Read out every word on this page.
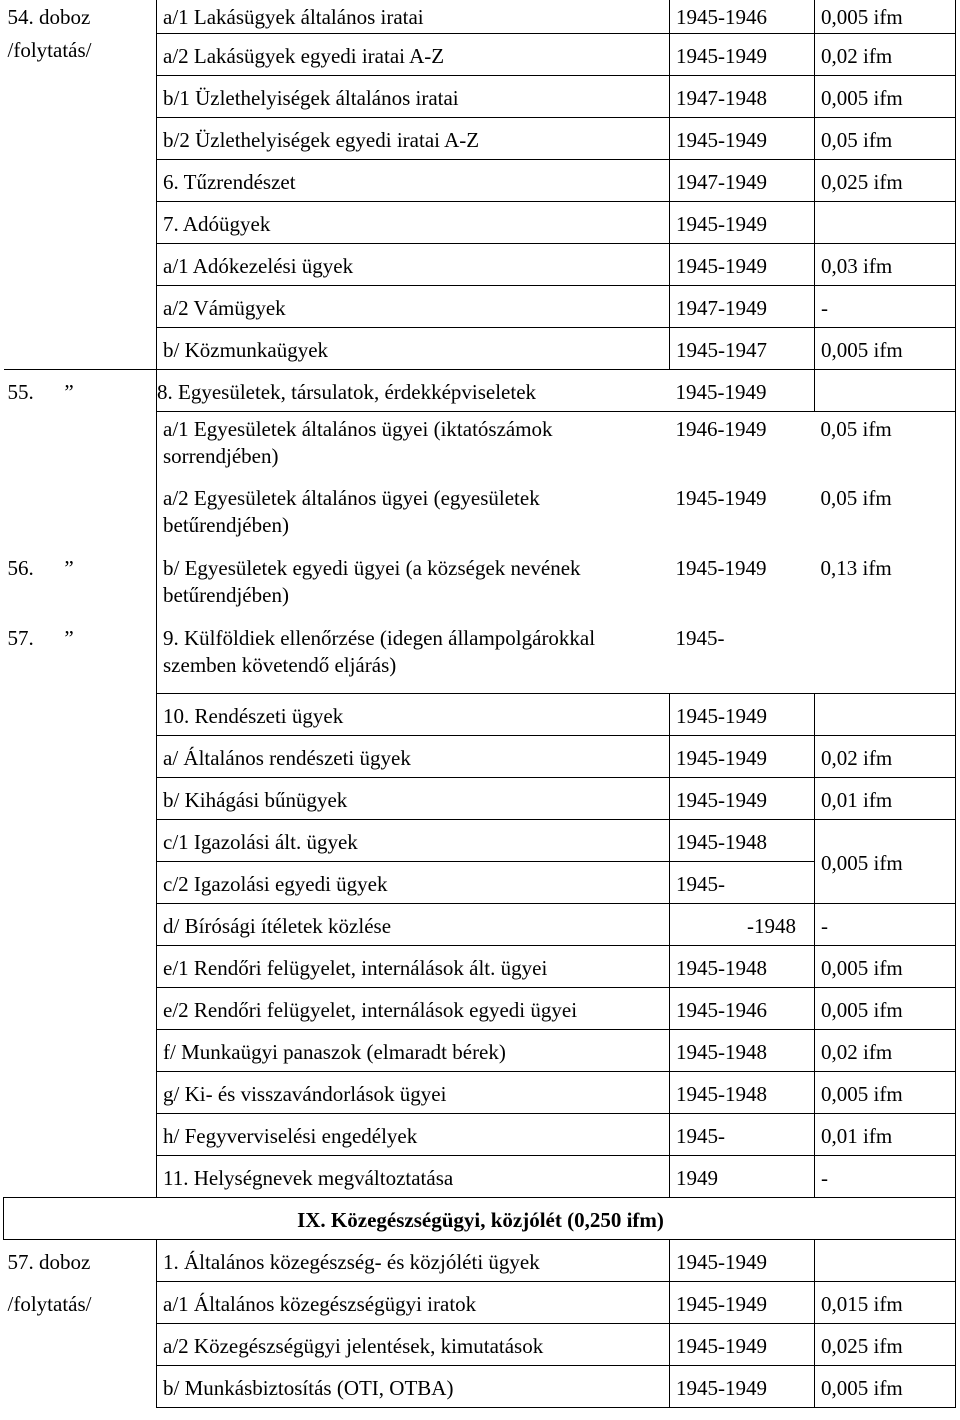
54. doboz	a/1 Lakásügyek általános iratai	1945-1946	0,005 ifm
/folytatás/	a/2 Lakásügyek egyedi iratai A-Z	1945-1949	0,02 ifm
	b/1 Üzlethelyiségek általános iratai	1947-1948	0,005 ifm
	b/2 Üzlethelyiségek egyedi iratai A-Z	1945-1949	0,05 ifm
	6. Tűzrendészet	1947-1949	0,025 ifm
	7. Adóügyek	1945-1949	
	a/1 Adókezelési ügyek	1945-1949	0,03 ifm
	a/2 Vámügyek	1947-1949	-
	b/ Közmunkaügyek	1945-1947	0,005 ifm
55. ”	8. Egyesületek, társulatok, érdekképviseletek	1945-1949	
	a/1 Egyesületek általános ügyei (iktatószámok sorrendjében)	1946-1949	0,05 ifm
	a/2 Egyesületek általános ügyei (egyesületek betűrendjében)	1945-1949	0,05 ifm
56. ”	b/ Egyesületek egyedi ügyei (a községek nevének betűrendjében)	1945-1949	0,13 ifm
57. ”	9. Külföldiek ellenőrzése (idegen állampolgárokkal szemben követendő eljárás)	1945-	
	10. Rendészeti ügyek	1945-1949	
	a/ Általános rendészeti ügyek	1945-1949	0,02 ifm
	b/ Kihágási bűnügyek	1945-1949	0,01 ifm
	c/1 Igazolási ált. ügyek	1945-1948	0,005 ifm
	c/2 Igazolási egyedi ügyek	1945-	
	d/ Bírósági ítéletek közlése	-1948	-
	e/1 Rendőri felügyelet, internálások ált. ügyei	1945-1948	0,005 ifm
	e/2 Rendőri felügyelet, internálások egyedi ügyei	1945-1946	0,005 ifm
	f/ Munkaügyi panaszok (elmaradt bérek)	1945-1948	0,02 ifm
	g/ Ki- és visszavándorlások ügyei	1945-1948	0,005 ifm
	h/ Fegyverviselési engedélyek	1945-	0,01 ifm
	11. Helységnevek megváltoztatása	1949	-
IX. Közegészségügyi, közjólét (0,250 ifm)			
57. doboz	1. Általános közegészség- és közjóléti ügyek	1945-1949	
/folytatás/	a/1 Általános közegészségügyi iratok	1945-1949	0,015 ifm
	a/2 Közegészségügyi jelentések, kimutatások	1945-1949	0,025 ifm
	b/ Munkásbiztosítás (OTI, OTBA)	1945-1949	0,005 ifm
